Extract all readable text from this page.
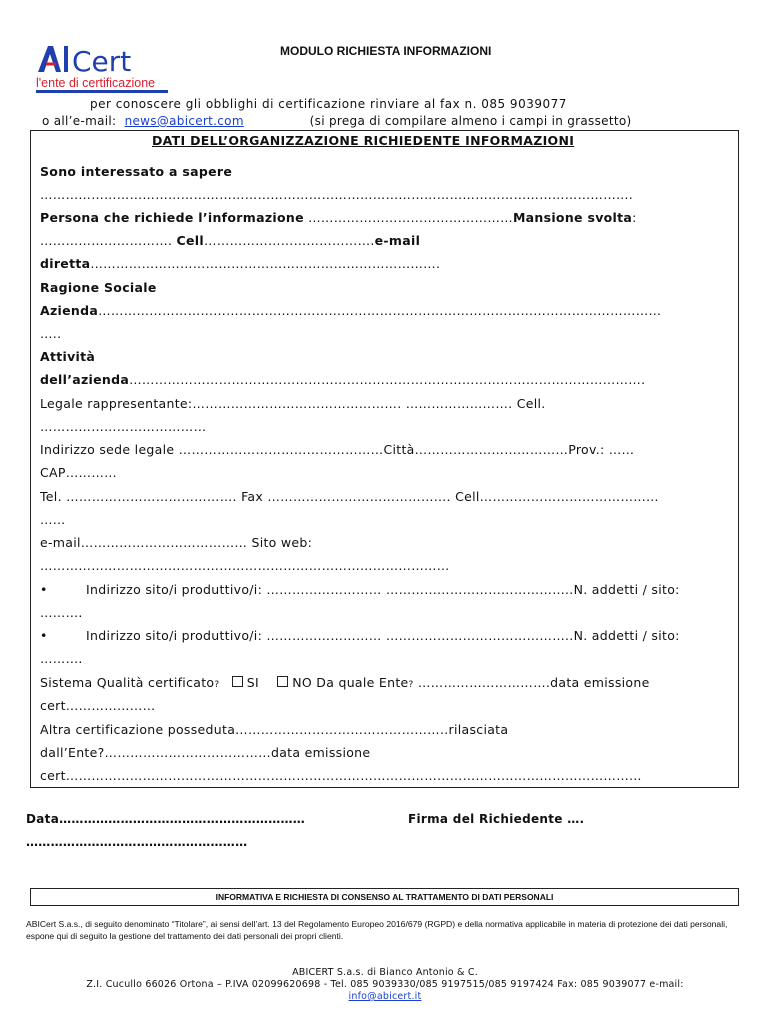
Cert
l'ente di certificazione
MODULO RICHIESTA INFORMAZIONI
per conoscere gli obblighi di certificazione rinviare al fax n. 085 9039077
o all’e-mail: news@abicert.com	(si prega di compilare almeno i campi in grassetto)
DATI DELL’ORGANIZZAZIONE RICHIEDENTE INFORMAZIONI
Sono interessato a sapere
………………………………………………………………………………………………………………………….
Persona che richiede l’informazione …………………………………………Mansione svolta:
…………………………. Cell………………………………….e-mail
diretta……………………………………………………………………….
Ragione Sociale
Azienda……………………………………………………………………………………………………………………
…..
Attività
dell’azienda………………………………………………………………………………………………………….
Legale rappresentante:…………………………………………. ……………………. Cell.
…………………………………
Indirizzo sede legale …………………………………………Città………………………………Prov.: ……
CAP…………
Tel. …………………………………. Fax ……………………………………. Cell……………………………………
……
e-mail………………………………… Sito web:
……………………………………………………………………………………
•	Indirizzo sito/i produttivo/i: ……………………… ……………………………………..N. addetti / sito:
……….
•	Indirizzo sito/i produttivo/i: ……………………… ……………………………………..N. addetti / sito:
……….
Sistema Qualità certificato? SI	NO Da quale Ente? ………………………….data emissione
cert…………………
Altra certificazione posseduta…………………………………………..rilasciata
dall’Ente?…………………………………data emissione
cert………………………………………………………………………………………………………………………
Data……………………………………………………
………………………………………………
Firma del Richiedente ….
INFORMATIVA E RICHIESTA DI CONSENSO AL TRATTAMENTO DI DATI PERSONALI
ABICert S.a.s., di seguito denominato “Titolare”, ai sensi dell’art. 13 del Regolamento Europeo 2016/679 (RGPD) e della normativa applicabile in materia di protezione dei dati personali, espone qui di seguito la gestione del trattamento dei dati personali dei propri clienti.
ABICERT S.a.s. di Bianco Antonio & C.
Z.I. Cucullo 66026 Ortona – P.IVA 02099620698 - Tel. 085 9039330/085 9197515/085 9197424 Fax: 085 9039077 e-mail:
info@abicert.it
